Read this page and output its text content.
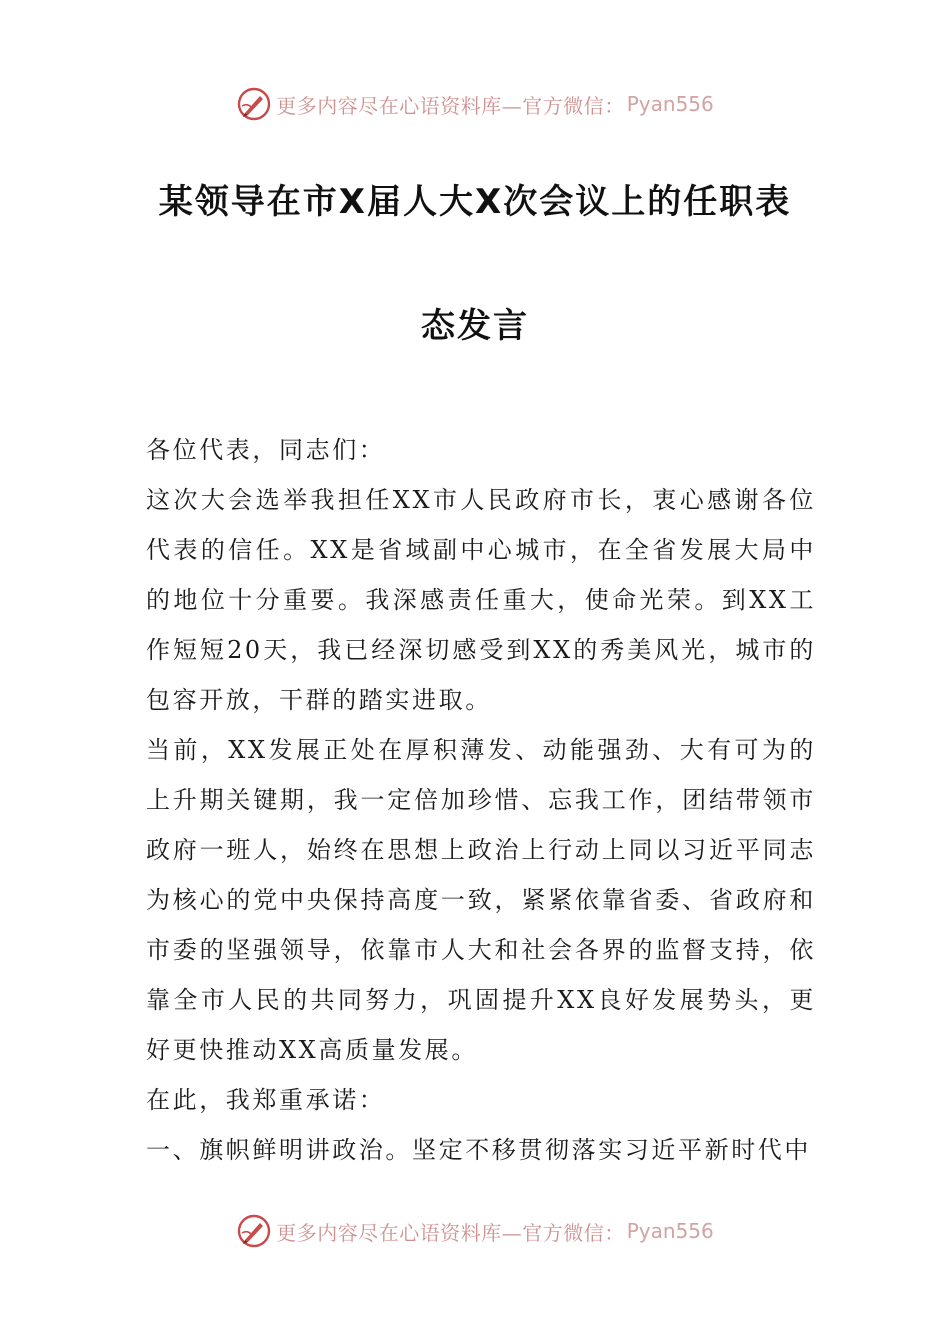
更多内容尽在心语资料库—官方微信： Pyan556
某领导在市X届人大X次会议上的任职表
态发言

各位代表，同志们：

这次大会选举我担任XX市人民政府市长，衷心感谢各位代表的信任。XX是省域副中心城市，在全省发展大局中的地位十分重要。我深感责任重大，使命光荣。到XX工作短短20天，我已经深切感受到XX的秀美风光，城市的包容开放，干群的踏实进取。

当前，XX发展正处在厚积薄发、动能强劲、大有可为的上升期关键期，我一定倍加珍惜、忘我工作，团结带领市政府一班人，始终在思想上政治上行动上同以习近平同志为核心的党中央保持高度一致，紧紧依靠省委、省政府和市委的坚强领导，依靠市人大和社会各界的监督支持，依靠全市人民的共同努力，巩固提升XX良好发展势头，更好更快推动XX高质量发展。

在此，我郑重承诺：

一、旗帜鲜明讲政治。坚定不移贯彻落实习近平新时代中

更多内容尽在心语资料库—官方微信： Pyan556
